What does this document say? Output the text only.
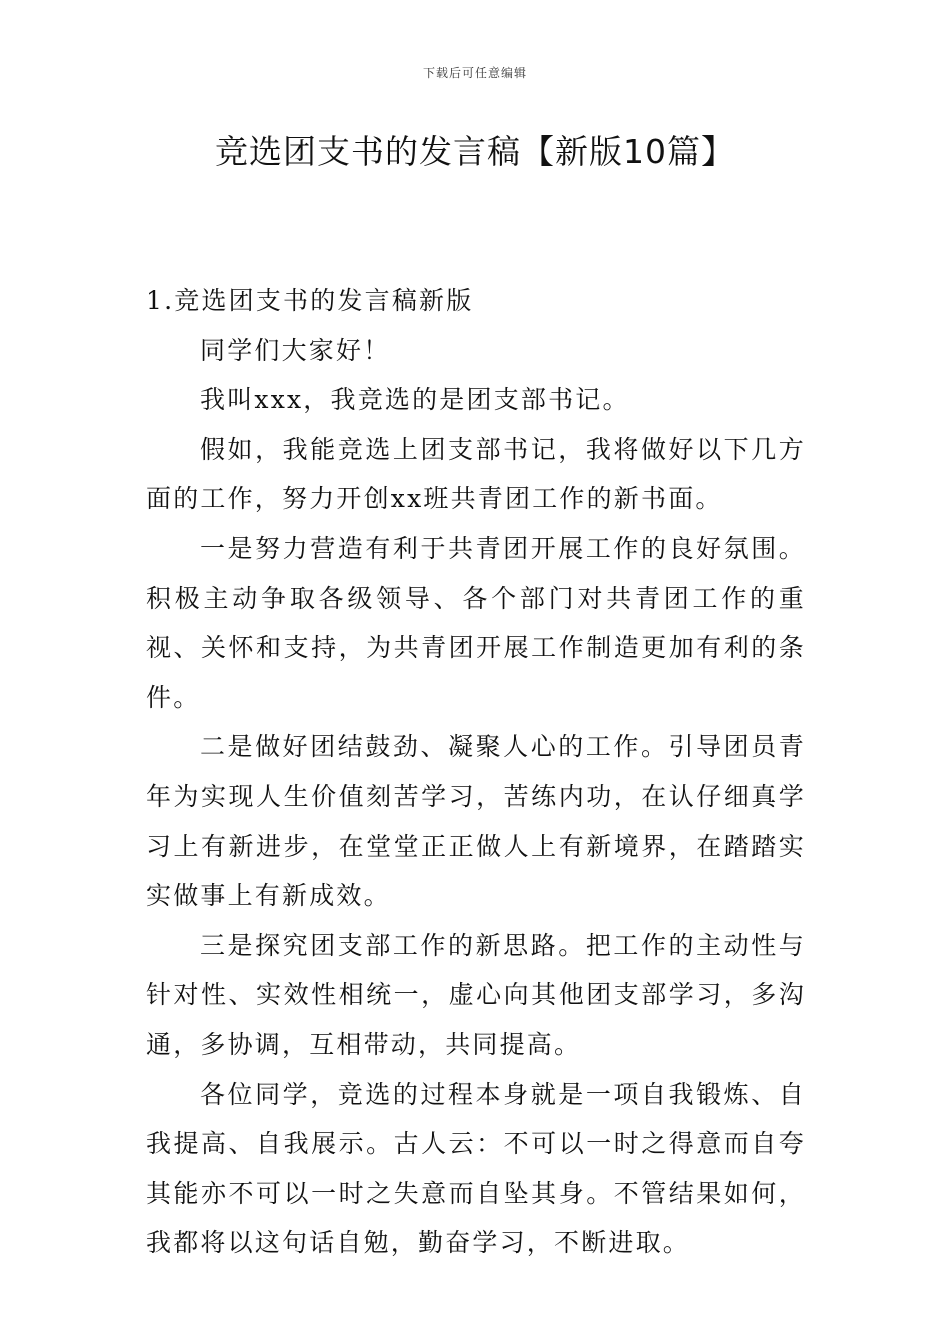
下载后可任意编辑
竞选团支书的发言稿【新版10篇】

1.竞选团支书的发言稿新版

同学们大家好！

我叫xxx，我竞选的是团支部书记。

假如，我能竞选上团支部书记，我将做好以下几方面的工作，努力开创xx班共青团工作的新书面。

一是努力营造有利于共青团开展工作的良好氛围。积极主动争取各级领导、各个部门对共青团工作的重视、关怀和支持，为共青团开展工作制造更加有利的条件。

二是做好团结鼓劲、凝聚人心的工作。引导团员青年为实现人生价值刻苦学习，苦练内功，在认仔细真学习上有新进步，在堂堂正正做人上有新境界，在踏踏实实做事上有新成效。

三是探究团支部工作的新思路。把工作的主动性与针对性、实效性相统一，虚心向其他团支部学习，多沟通，多协调，互相带动，共同提高。

各位同学，竞选的过程本身就是一项自我锻炼、自我提高、自我展示。古人云：不可以一时之得意而自夸其能亦不可以一时之失意而自坠其身。不管结果如何，我都将以这句话自勉，勤奋学习，不断进取。
